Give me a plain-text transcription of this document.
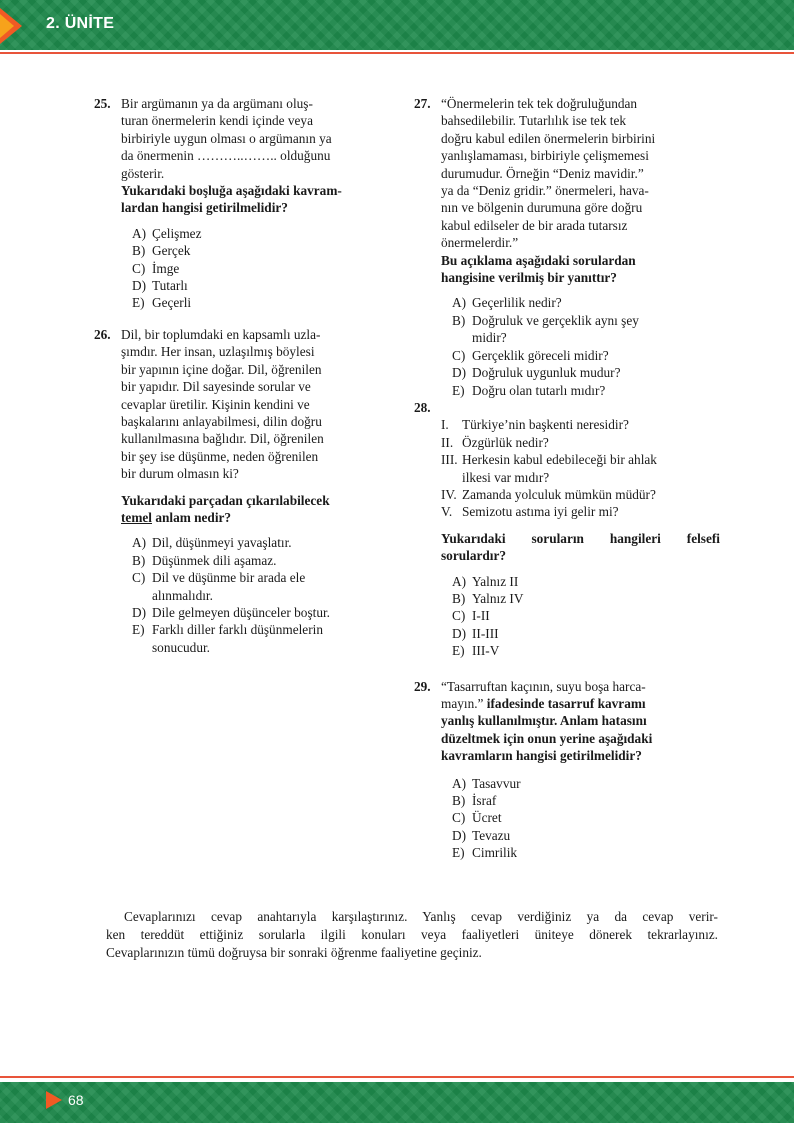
2. ÜNİTE
25. Bir argümanın ya da argümanı oluş-
turan önermelerin kendi içinde veya
birbiriyle uygun olması o argümanın ya
da önermenin ………..…….. olduğunu
gösterir.
Yukarıdaki boşluğa aşağıdaki kavram-
lardan hangisi getirilmelidir?
A) Çelişmez
B) Gerçek
C) İmge
D) Tutarlı
E) Geçerli
26. Dil, bir toplumdaki en kapsamlı uzla-
şımdır. Her insan, uzlaşılmış böylesi
bir yapının içine doğar. Dil, öğrenilen
bir yapıdır. Dil sayesinde sorular ve
cevaplar üretilir. Kişinin kendini ve
başkalarını anlayabilmesi, dilin doğru
kullanılmasına bağlıdır. Dil, öğrenilen
bir şey ise düşünme, neden öğrenilen
bir durum olmasın ki?
Yukarıdaki parçadan çıkarılabilecek
temel anlam nedir?
A) Dil, düşünmeyi yavaşlatır.
B) Düşünmek dili aşamaz.
C) Dil ve düşünme bir arada ele
alınmalıdır.
D) Dile gelmeyen düşünceler boştur.
E) Farklı diller farklı düşünmelerin
sonucudur.
27. “Önermelerin tek tek doğruluğundan
bahsedilebilir. Tutarlılık ise tek tek
doğru kabul edilen önermelerin birbirini
yanlışlamaması, birbiriyle çelişmemesi
durumudur. Örneğin “Deniz mavidir.”
ya da “Deniz gridir.” önermeleri, hava-
nın ve bölgenin durumuna göre doğru
kabul edilseler de bir arada tutarsız
önermelerdir.”
Bu açıklama aşağıdaki sorulardan
hangisine verilmiş bir yanıttır?
A) Geçerlilik nedir?
B) Doğruluk ve gerçeklik aynı şey
midir?
C) Gerçeklik göreceli midir?
D) Doğruluk uygunluk mudur?
E) Doğru olan tutarlı mıdır?
28.

I. Türkiye’nin başkenti neresidir?
II. Özgürlük nedir?
III. Herkesin kabul edebileceği bir ahlak
ilkesi var mıdır?
IV. Zamanda yolculuk mümkün müdür?
V. Semizotu astıma iyi gelir mi?
Yukarıdaki soruların hangileri felsefi
sorulardır?
A) Yalnız II
B) Yalnız IV
C) I-II
D) II-III
E) III-V
29. “Tasarruftan kaçının, suyu boşa harca-
mayın.” ifadesinde tasarruf kavramı
yanlış kullanılmıştır. Anlam hatasını
düzeltmek için onun yerine aşağıdaki
kavramların hangisi getirilmelidir?
A) Tasavvur
B) İsraf
C) Ücret
D) Tevazu
E) Cimrilik
Cevaplarınızı cevap anahtarıyla karşılaştırınız. Yanlış cevap verdiğiniz ya da cevap verir-
ken tereddüt ettiğiniz sorularla ilgili konuları veya faaliyetleri üniteye dönerek tekrarlayınız.
Cevaplarınızın tümü doğruysa bir sonraki öğrenme faaliyetine geçiniz.
68
